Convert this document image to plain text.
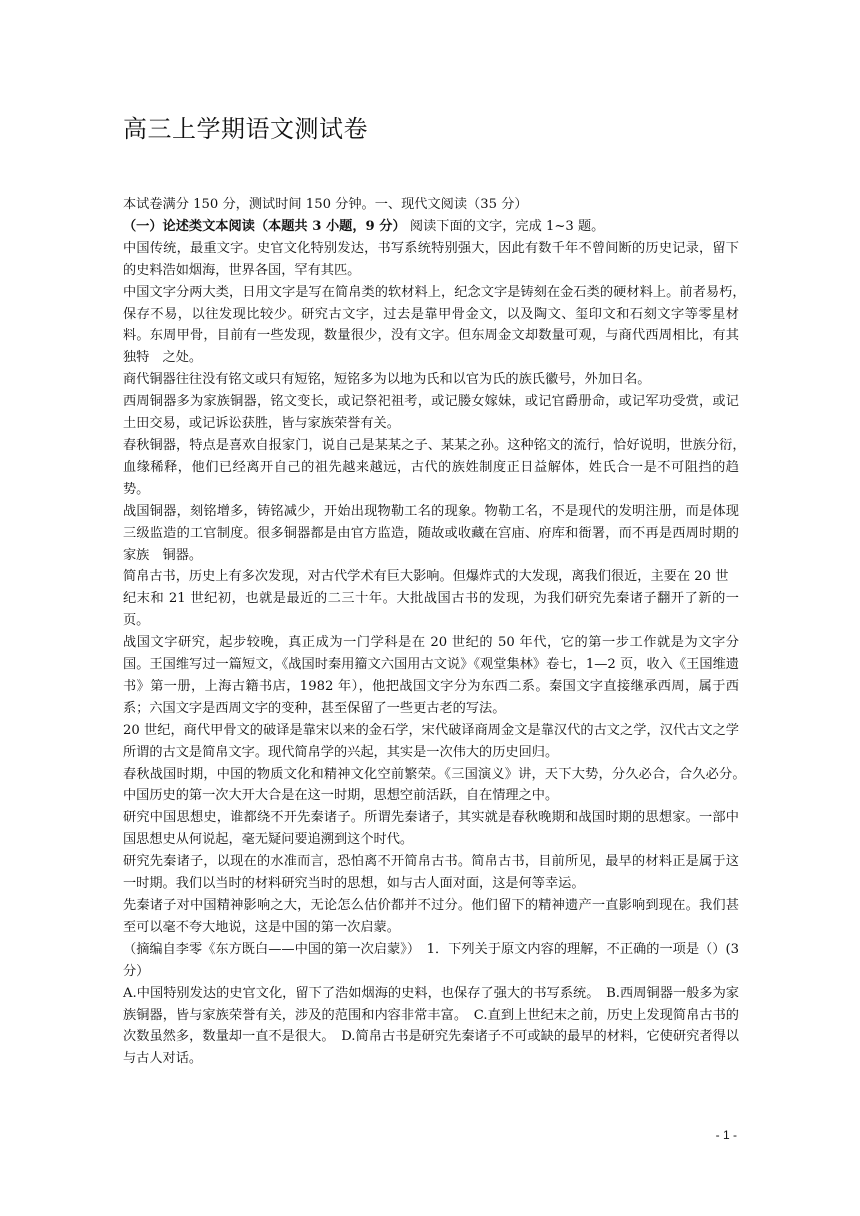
高三上学期语文测试卷

本试卷满分 150 分，测试时间 150 分钟。一、现代文阅读（35 分）

（一）论述类文本阅读（本题共 3 小题，9 分） 阅读下面的文字，完成 1~3 题。

中国传统，最重文字。史官文化特别发达，书写系统特别强大，因此有数千年不曾间断的历史记录，留下　 的史料浩如烟海，世界各国，罕有其匹。

中国文字分两大类，日用文字是写在简帛类的软材料上，纪念文字是铸刻在金石类的硬材料上。前者易朽，　保存不易，以往发现比较少。研究古文字，过去是靠甲骨金文，以及陶文、玺印文和石刻文字等零星材料。东周甲骨，目前有一些发现，数量很少，没有文字。但东周金文却数量可观，与商代西周相比，有其独特　之处。

商代铜器往往没有铭文或只有短铭，短铭多为以地为氏和以官为氏的族氏徽号，外加日名。

西周铜器多为家族铜器，铭文变长，或记祭祀祖考，或记媵女嫁妹，或记官爵册命，或记军功受赏，或记　土田交易，或记诉讼获胜，皆与家族荣誉有关。

春秋铜器，特点是喜欢自报家门，说自己是某某之子、某某之孙。这种铭文的流行，恰好说明，世族分衍，　血缘稀释，他们已经离开自己的祖先越来越远，古代的族姓制度正日益解体，姓氏合一是不可阻挡的趋势。

战国铜器，刻铭增多，铸铭减少，开始出现物勒工名的现象。物勒工名，不是现代的发明注册，而是体现　三级监造的工官制度。很多铜器都是由官方监造，随故或收藏在宫庙、府库和衙署，而不再是西周时期的家族　铜器。

简帛古书，历史上有多次发现，对古代学术有巨大影响。但爆炸式的大发现，离我们很近，主要在 20 世

纪末和 21 世纪初，也就是最近的二三十年。大批战国古书的发现，为我们研究先秦诸子翻开了新的一页。

战国文字研究，起步较晚，真正成为一门学科是在 20 世纪的 50 年代，它的第一步工作就是为文字分国。王国维写过一篇短文，《战国时秦用籀文六国用古文说》《观堂集林》卷七，1—2 页，收入《王国维遗书》第一册，上海古籍书店，1982 年），他把战国文字分为东西二系。秦国文字直接继承西周，属于西系；六国文字是西周文字的变种，甚至保留了一些更古老的写法。

20 世纪，商代甲骨文的破译是靠宋以来的金石学，宋代破译商周金文是靠汉代的古文之学，汉代古文之学所谓的古文是简帛文字。现代简帛学的兴起，其实是一次伟大的历史回归。

春秋战国时期，中国的物质文化和精神文化空前繁荣。《三国演义》讲，天下大势，分久必合，合久必分。　中国历史的第一次大开大合是在这一时期，思想空前活跃，自在情理之中。

研究中国思想史，谁都绕不开先秦诸子。所谓先秦诸子，其实就是春秋晚期和战国时期的思想家。一部中国思想史从何说起，毫无疑问要追溯到这个时代。

研究先秦诸子，以现在的水准而言，恐怕离不开简帛古书。简帛古书，目前所见，最早的材料正是属于这　一时期。我们以当时的材料研究当时的思想，如与古人面对面，这是何等幸运。

先秦诸子对中国精神影响之大，无论怎么估价都并不过分。他们留下的精神遗产一直影响到现在。我们甚　至可以毫不夸大地说，这是中国的第一次启蒙。

（摘编自李零《东方既白——中国的第一次启蒙》）　1．下列关于原文内容的理解，不正确的一项是（）(3分）

A.中国特别发达的史官文化，留下了浩如烟海的史料，也保存了强大的书写系统。　B.西周铜器一般多为家族铜器，皆与家族荣誉有关，涉及的范围和内容非常丰富。　C.直到上世纪末之前，历史上发现简帛古书的次数虽然多，数量却一直不是很大。　D.简帛古书是研究先秦诸子不可或缺的最早的材料，它使研究者得以与古人对话。

- 1 -
